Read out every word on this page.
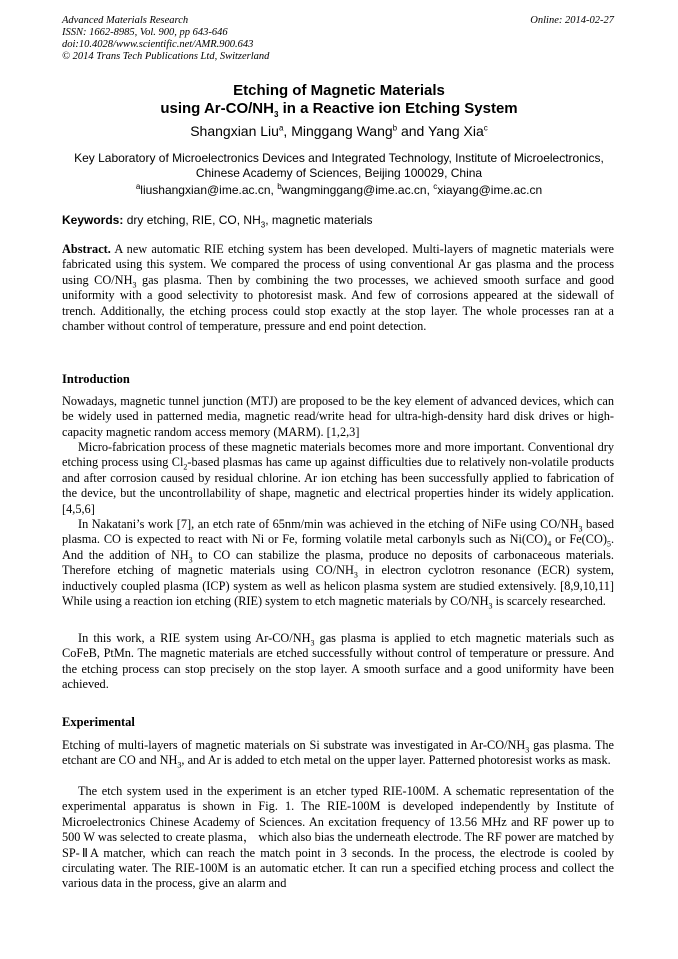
Advanced Materials Research
ISSN: 1662-8985, Vol. 900, pp 643-646
doi:10.4028/www.scientific.net/AMR.900.643
© 2014 Trans Tech Publications Ltd, Switzerland
Online: 2014-02-27
Etching of Magnetic Materials
using $Ar-CO/NH_3$ in a Reactive ion Etching System
Shangxian Liu$^a$, Minggang Wang$^b$ and Yang Xia$^c$
Key Laboratory of Microelectronics Devices and Integrated Technology, Institute of Microelectronics,
Chinese Academy of Sciences, Beijing 100029, China
$^a$liushangxian@ime.ac.cn, $^b$wangminggang@ime.ac.cn, $^c$xiayang@ime.ac.cn
Keywords: dry etching, RIE, CO, $NH_3$, magnetic materials
Abstract. A new automatic RIE etching system has been developed. Multi-layers of magnetic materials were fabricated using this system. We compared the process of using conventional Ar gas plasma and the process using $CO/NH_3$ gas plasma. Then by combining the two processes, we achieved smooth surface and good uniformity with a good selectivity to photoresist mask. And few of corrosions appeared at the sidewall of trench. Additionally, the etching process could stop exactly at the stop layer. The whole processes ran at a chamber without control of temperature, pressure and end point detection.
Introduction
Nowadays, magnetic tunnel junction (MTJ) are proposed to be the key element of advanced devices, which can be widely used in patterned media, magnetic read/write head for ultra-high-density hard disk drives or high-capacity magnetic random access memory (MARM). [1,2,3]
Micro-fabrication process of these magnetic materials becomes more and more important. Conventional dry etching process using $Cl_2$-based plasmas has came up against difficulties due to relatively non-volatile products and after corrosion caused by residual chlorine. Ar ion etching has been successfully applied to fabrication of the device, but the uncontrollability of shape, magnetic and electrical properties hinder its widely application. [4,5,6]
In Nakatani’s work [7], an etch rate of 65nm/min was achieved in the etching of NiFe using $CO/NH_3$ based plasma. CO is expected to react with Ni or Fe, forming volatile metal carbonyls such as $Ni(CO)_4$ or $Fe(CO)_5$. And the addition of $NH_3$ to CO can stabilize the plasma, produce no deposits of carbonaceous materials. Therefore etching of magnetic materials using $CO/NH_3$ in electron cyclotron resonance (ECR) system, inductively coupled plasma (ICP) system as well as helicon plasma system are studied extensively. [8,9,10,11] While using a reaction ion etching (RIE) system to etch magnetic materials by $CO/NH_3$ is scarcely researched.
In this work, a RIE system using $Ar-CO/NH_3$ gas plasma is applied to etch magnetic materials such as CoFeB, PtMn. The magnetic materials are etched successfully without control of temperature or pressure. And the etching process can stop precisely on the stop layer. A smooth surface and a good uniformity have been achieved.
Experimental
Etching of multi-layers of magnetic materials on Si substrate was investigated in $Ar-CO/NH_3$ gas plasma. The etchant are CO and $NH_3$, and Ar is added to etch metal on the upper layer. Patterned photoresist works as mask.
The etch system used in the experiment is an etcher typed RIE-100M. A schematic representation of the experimental apparatus is shown in Fig. 1. The RIE-100M is developed independently by Institute of Microelectronics Chinese Academy of Sciences. An excitation frequency of 13.56 MHz and RF power up to 500 W was selected to create plasma， which also bias the underneath electrode. The RF power are matched by SP-ⅡA matcher, which can reach the match point in 3 seconds. In the process, the electrode is cooled by circulating water. The RIE-100M is an automatic etcher. It can run a specified etching process and collect the various data in the process, give an alarm and
